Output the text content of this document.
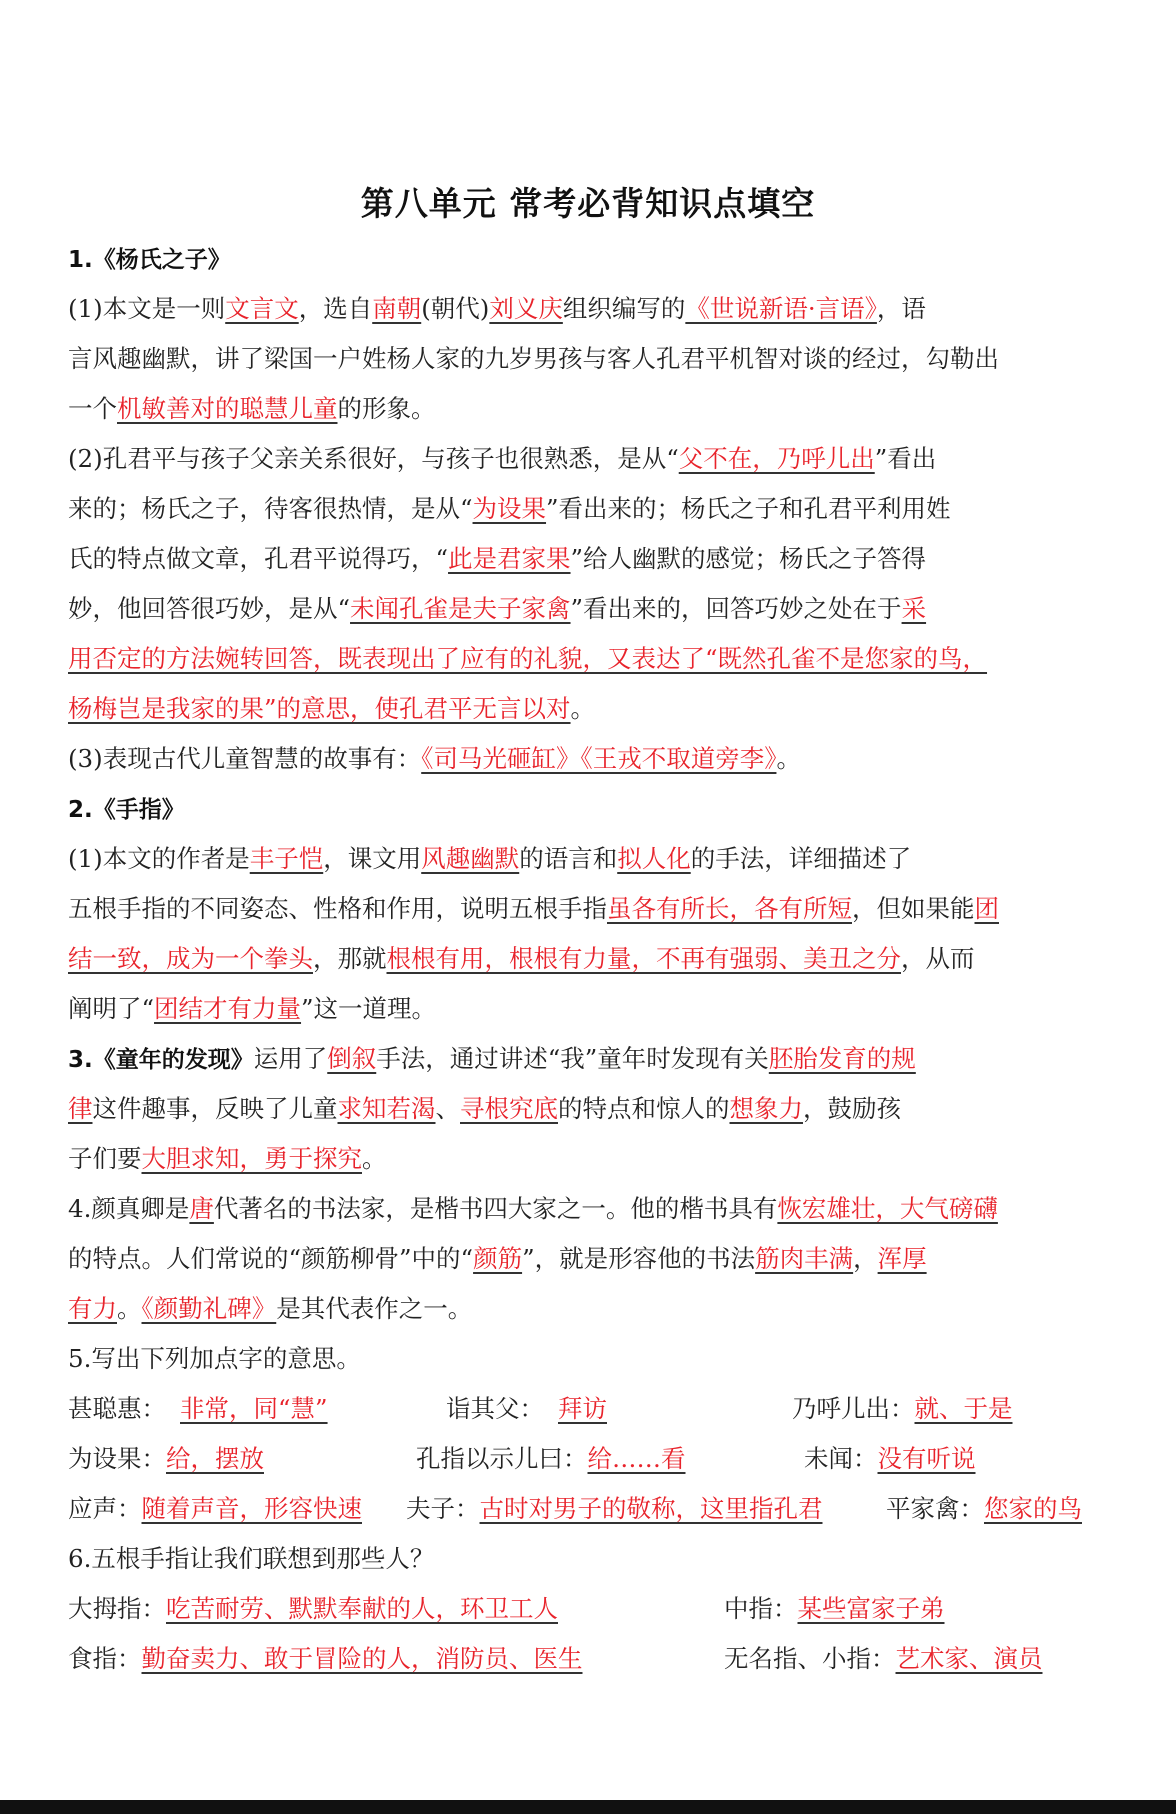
第八单元 常考必背知识点填空
1.《杨氏之子》
(1)本文是一则文言文，选自南朝(朝代)刘义庆组织编写的《世说新语·言语》，语
言风趣幽默，讲了梁国一户姓杨人家的九岁男孩与客人孔君平机智对谈的经过，勾勒出
一个机敏善对的聪慧儿童的形象。
(2)孔君平与孩子父亲关系很好，与孩子也很熟悉，是从“父不在，乃呼儿出”看出
来的；杨氏之子，待客很热情，是从“为设果”看出来的；杨氏之子和孔君平利用姓
氏的特点做文章，孔君平说得巧，“此是君家果”给人幽默的感觉；杨氏之子答得
妙，他回答很巧妙，是从“未闻孔雀是夫子家禽”看出来的，回答巧妙之处在于采
用否定的方法婉转回答，既表现出了应有的礼貌，又表达了“既然孔雀不是您家的鸟，
杨梅岂是我家的果”的意思，使孔君平无言以对。
(3)表现古代儿童智慧的故事有：《司马光砸缸》《王戎不取道旁李》。
2.《手指》
(1)本文的作者是丰子恺，课文用风趣幽默的语言和拟人化的手法，详细描述了
五根手指的不同姿态、性格和作用，说明五根手指虽各有所长，各有所短，但如果能团
结一致，成为一个拳头，那就根根有用，根根有力量，不再有强弱、美丑之分，从而
阐明了“团结才有力量”这一道理。
3.《童年的发现》运用了倒叙手法，通过讲述“我”童年时发现有关胚胎发育的规
律这件趣事，反映了儿童求知若渴、寻根究底的特点和惊人的想象力，鼓励孩
子们要大胆求知，勇于探究。
4.颜真卿是唐代著名的书法家，是楷书四大家之一。他的楷书具有恢宏雄壮，大气磅礴
的特点。人们常说的“颜筋柳骨”中的“颜筋”，就是形容他的书法筋肉丰满，浑厚
有力。《颜勤礼碑》是其代表作之一。
5.写出下列加点字的意思。
甚聪惠： 非常，同“慧”	诣其父： 拜访	乃呼儿出：就、于是
为设果：给，摆放	孔指以示儿曰：给……看	未闻：没有听说
应声：随着声音，形容快速 夫子：古时对男子的敬称，这里指孔君	平家禽：您家的鸟
6.五根手指让我们联想到那些人？
大拇指：吃苦耐劳、默默奉献的人，环卫工人	中指：某些富家子弟
食指：勤奋卖力、敢于冒险的人，消防员、医生	无名指、小指：艺术家、演员
